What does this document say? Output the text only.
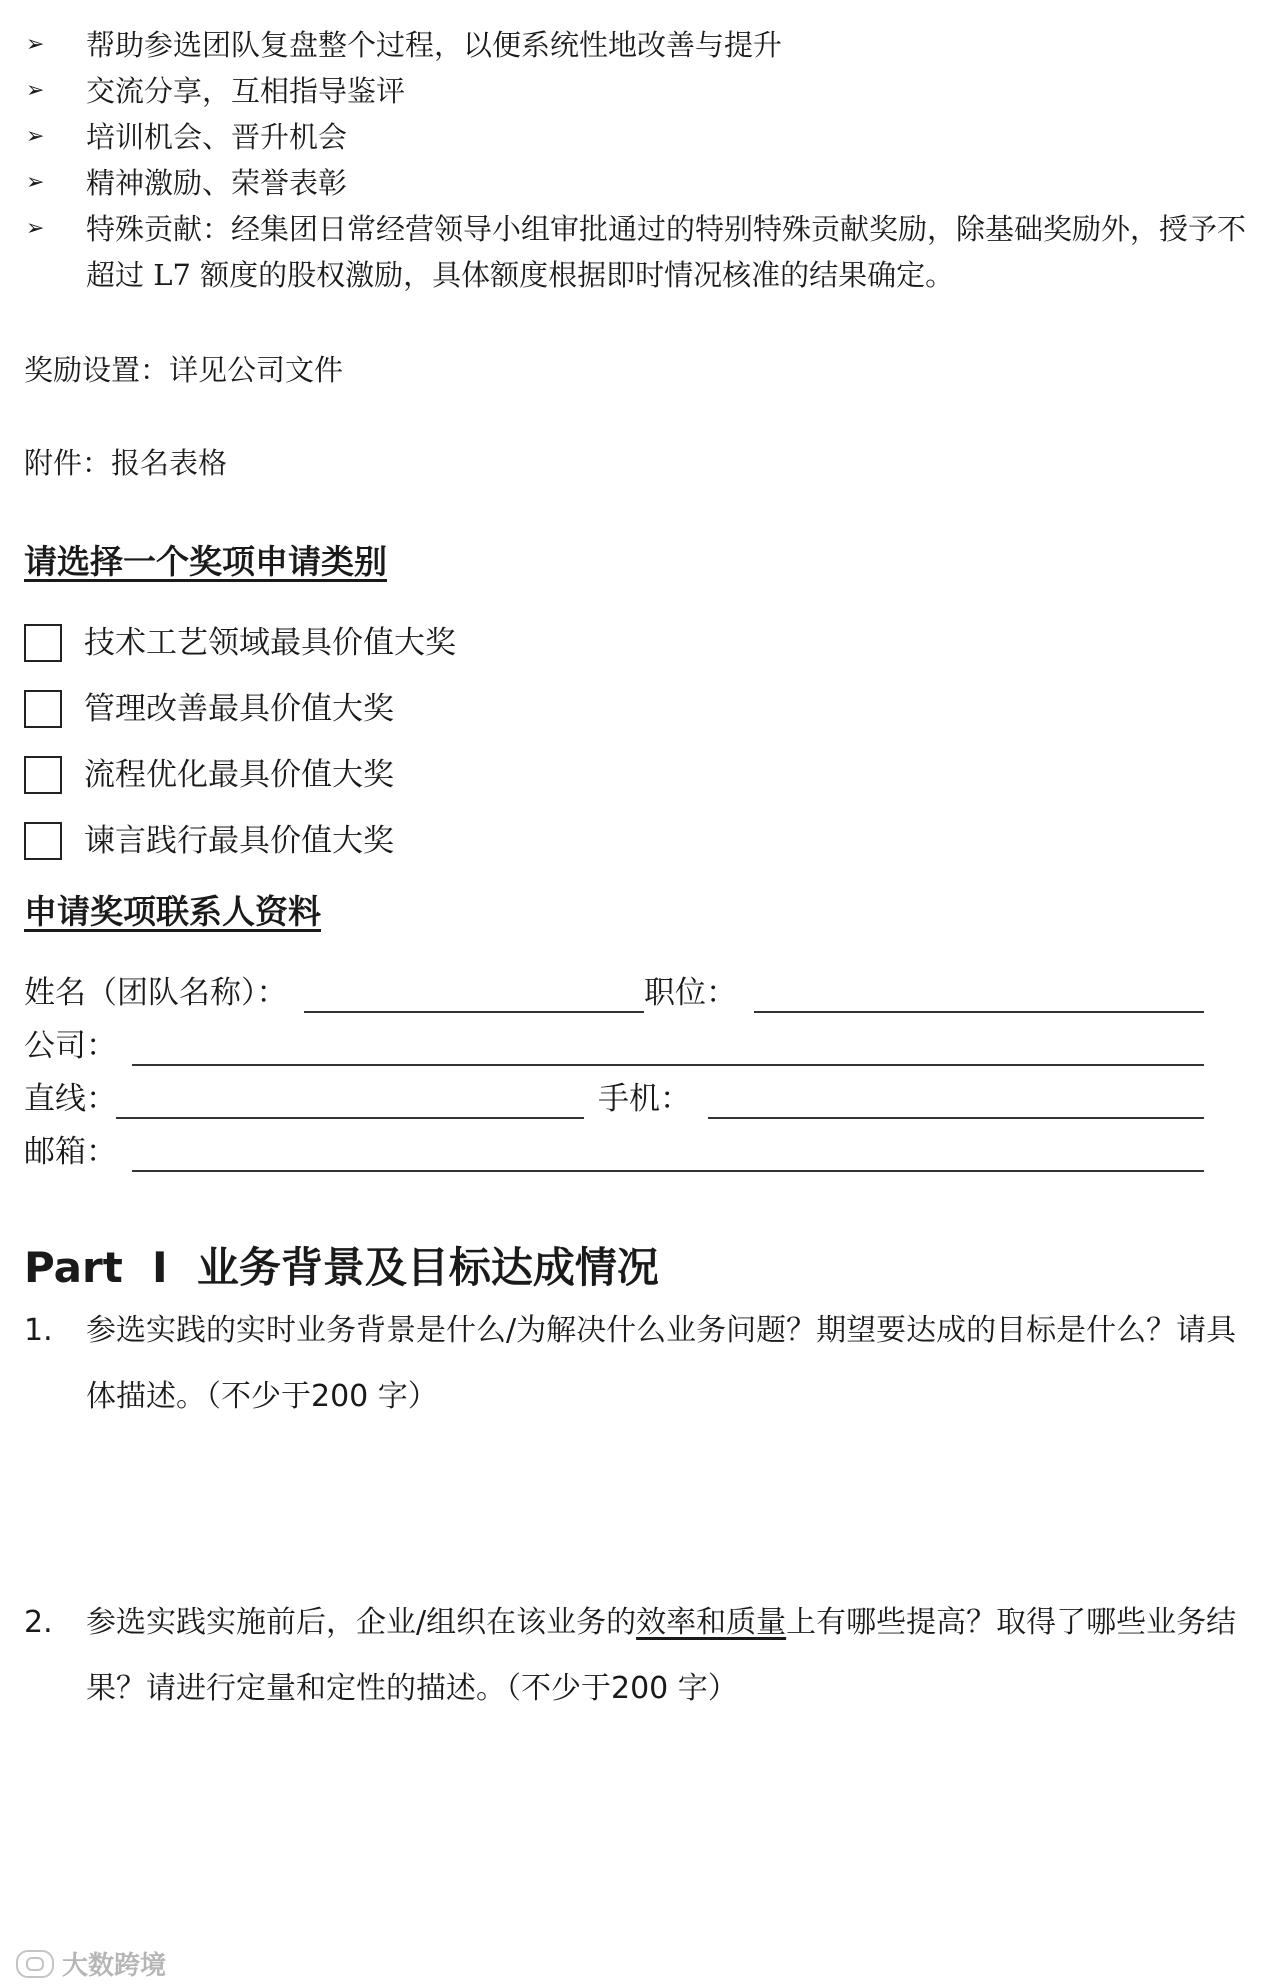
➢ 帮助参选团队复盘整个过程，以便系统性地改善与提升
➢ 交流分享，互相指导鉴评
➢ 培训机会、晋升机会
➢ 精神激励、荣誉表彰
➢ 特殊贡献：经集团日常经营领导小组审批通过的特别特殊贡献奖励，除基础奖励外，授予不超过 L7 额度的股权激励，具体额度根据即时情况核准的结果确定。
奖励设置：详见公司文件
附件：报名表格
请选择一个奖项申请类别
技术工艺领域最具价值大奖
管理改善最具价值大奖
流程优化最具价值大奖
谏言践行最具价值大奖
申请奖项联系人资料
姓名（团队名称）：	职位：
公司：
直线：	手机：
邮箱：
Part  I  业务背景及目标达成情况
1. 参选实践的实时业务背景是什么/为解决什么业务问题？期望要达成的目标是什么？请具体描述。（不少于200 字）
2. 参选实践实施前后，企业/组织在该业务的效率和质量上有哪些提高？取得了哪些业务结果？请进行定量和定性的描述。（不少于200 字）
大数跨境
